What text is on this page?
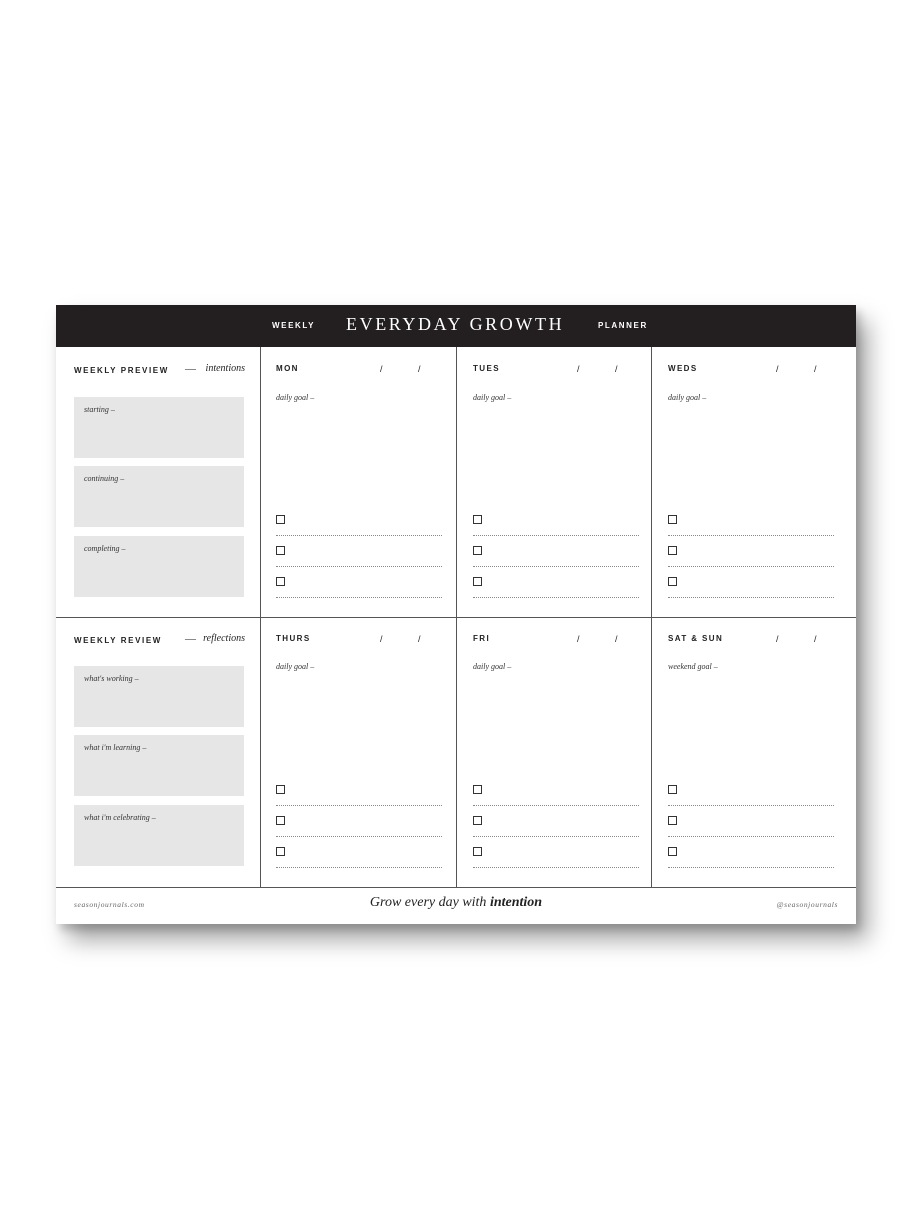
WEEKLY EVERYDAY GROWTH	PLANNER
WEEKLY PREVIEW — intentions
starting –
continuing –
completing –
WEEKLY REVIEW — reflections
what's working –
what i'm learning –
what i'm celebrating –
MON	/	/
daily goal –
TUES	/	/
daily goal –
WEDS	/	/
daily goal –
THURS	/	/
daily goal –
FRI	/	/
daily goal –
SAT & SUN	/	/
weekend goal –
seasonjournals.com	Grow every day with intention	@seasonjournals
